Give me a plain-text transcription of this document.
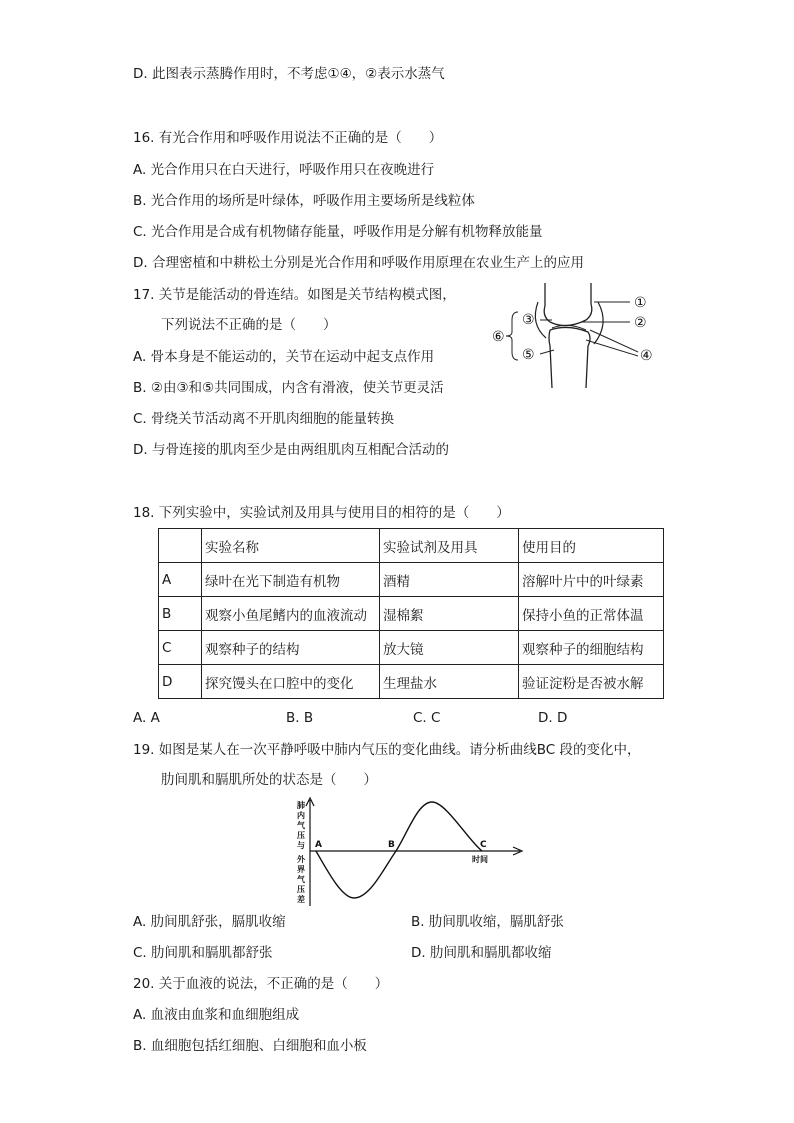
D. 此图表示蒸腾作用时，不考虑①④，②表示水蒸气
16. 有光合作用和呼吸作用说法不正确的是（　　）
A. 光合作用只在白天进行，呼吸作用只在夜晚进行
B. 光合作用的场所是叶绿体，呼吸作用主要场所是线粒体
C. 光合作用是合成有机物储存能量，呼吸作用是分解有机物释放能量
D. 合理密植和中耕松土分别是光合作用和呼吸作用原理在农业生产上的应用
17. 关节是能活动的骨连结。如图是关节结构模式图，
下列说法不正确的是（　　）
A. 骨本身是不能运动的，关节在运动中起支点作用
B. ②由③和⑤共同围成，内含有滑液，使关节更灵活
C. 骨绕关节活动离不开肌肉细胞的能量转换
D. 与骨连接的肌肉至少是由两组肌肉互相配合活动的
①
②
③
④
⑤
⑥
18. 下列实验中，实验试剂及用具与使用目的相符的是（　　）
	实验名称	实验试剂及用具	使用目的
A	绿叶在光下制造有机物	酒精	溶解叶片中的叶绿素
B	观察小鱼尾鳍内的血液流动	湿棉絮	保持小鱼的正常体温
C	观察种子的结构	放大镜	观察种子的细胞结构
D	探究馒头在口腔中的变化	生理盐水	验证淀粉是否被水解
A. A	B. B	C. C	D. D
19. 如图是某人在一次平静呼吸中肺内气压的变化曲线。请分析曲线BC 段的变化中，
肋间肌和膈肌所处的状态是（　　）
肺
内
气
压
与
外
界
气
压
差
A	B	C
时间
A. 肋间肌舒张，膈肌收缩	B. 肋间肌收缩，膈肌舒张
C. 肋间肌和膈肌都舒张	D. 肋间肌和膈肌都收缩
20. 关于血液的说法，不正确的是（　　）
A. 血液由血浆和血细胞组成
B. 血细胞包括红细胞、白细胞和血小板
